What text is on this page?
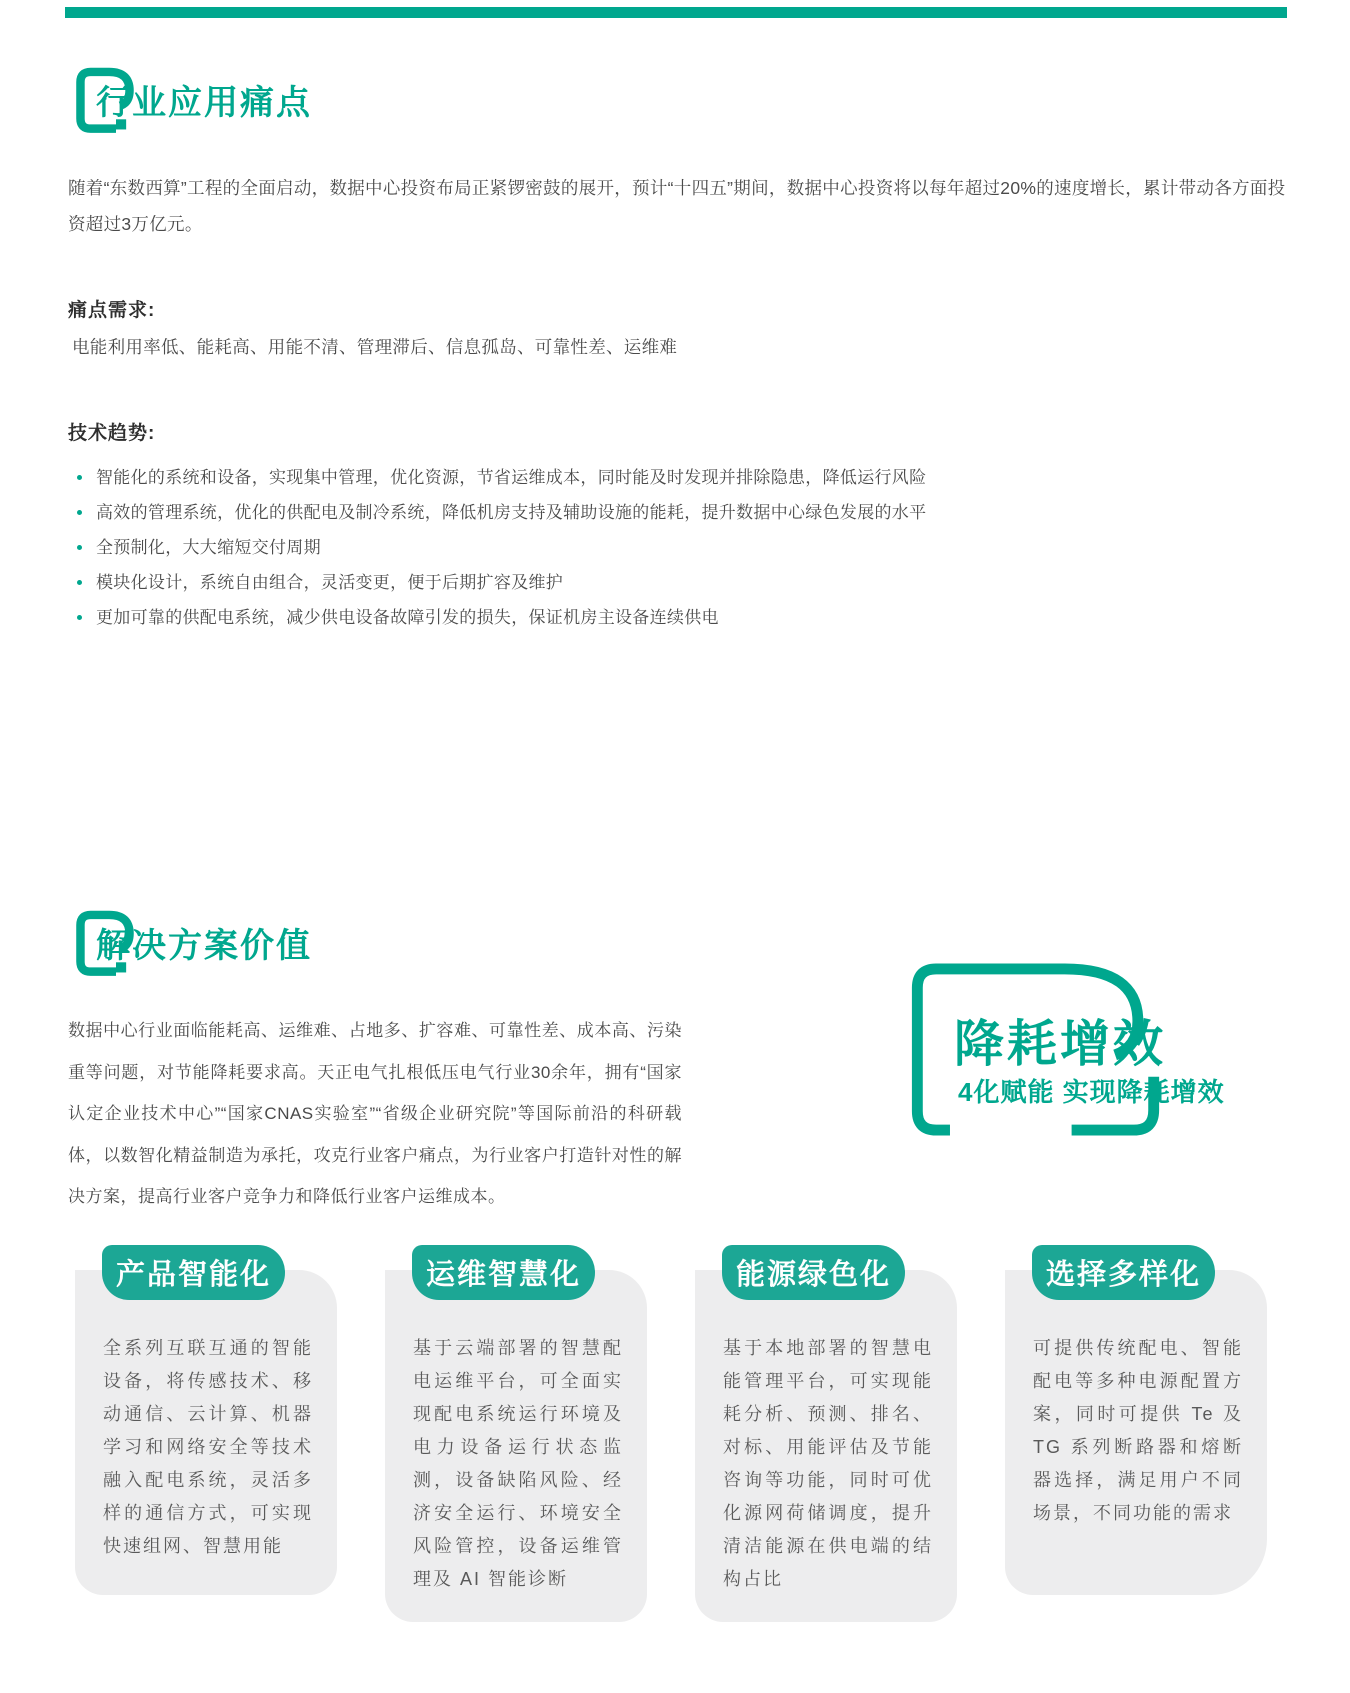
行业应用痛点

随着“东数西算”工程的全面启动，数据中心投资布局正紧锣密鼓的展开，预计“十四五”期间，数据中心投资将以每年超过20%的速度增长，累计带动各方面投资超过3万亿元。

痛点需求:

电能利用率低、能耗高、用能不清、管理滞后、信息孤岛、可靠性差、运维难

技术趋势:
智能化的系统和设备，实现集中管理，优化资源，节省运维成本，同时能及时发现并排除隐患，降低运行风险
高效的管理系统，优化的供配电及制冷系统，降低机房支持及辅助设施的能耗，提升数据中心绿色发展的水平
全预制化，大大缩短交付周期
模块化设计，系统自由组合，灵活变更，便于后期扩容及维护
更加可靠的供配电系统，减少供电设备故障引发的损失，保证机房主设备连续供电
解决方案价值

数据中心行业面临能耗高、运维难、占地多、扩容难、可靠性差、成本高、污染重等问题，对节能降耗要求高。天正电气扎根低压电气行业30余年，拥有“国家认定企业技术中心”“国家CNAS实验室”“省级企业研究院”等国际前沿的科研载体，以数智化精益制造为承托，攻克行业客户痛点，为行业客户打造针对性的解决方案，提高行业客户竞争力和降低行业客户运维成本。

降耗增效
4化赋能 实现降耗增效
产品智能化
全系列互联互通的智能设备，将传感技术、移动通信、云计算、机器学习和网络安全等技术融入配电系统，灵活多样的通信方式，可实现快速组网、智慧用能
运维智慧化
基于云端部署的智慧配电运维平台，可全面实现配电系统运行环境及电力设备运行状态监测，设备缺陷风险、经济安全运行、环境安全风险管控，设备运维管理及 AI 智能诊断
能源绿色化
基于本地部署的智慧电能管理平台，可实现能耗分析、预测、排名、对标、用能评估及节能咨询等功能，同时可优化源网荷储调度，提升清洁能源在供电端的结构占比
选择多样化
可提供传统配电、智能配电等多种电源配置方案，同时可提供 Te 及 TG 系列断路器和熔断器选择，满足用户不同场景，不同功能的需求
